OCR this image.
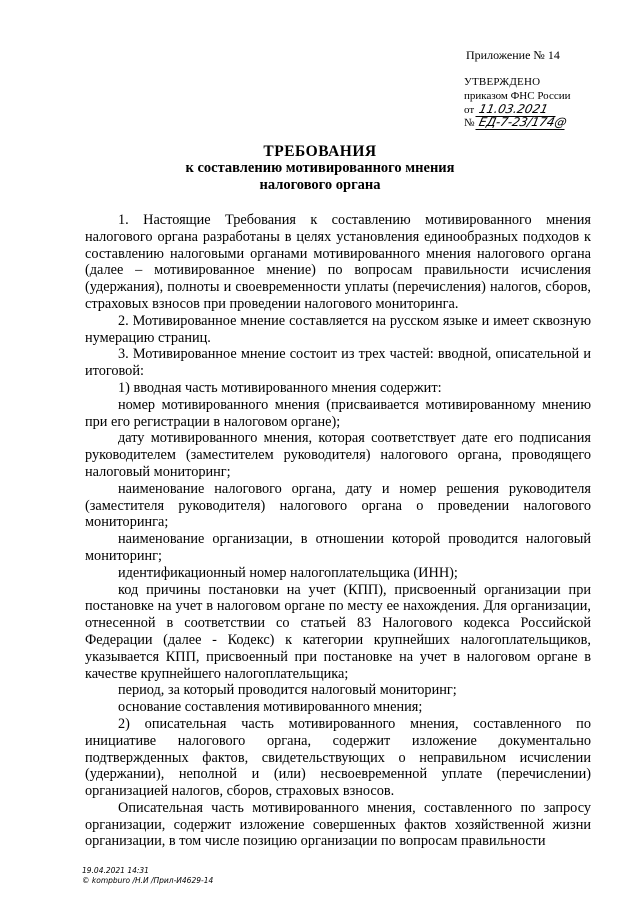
Приложение № 14
УТВЕРЖДЕНО
приказом ФНС России
от 11.03.2021
№ ЕД-7-23/174@
ТРЕБОВАНИЯ
к составлению мотивированного мнения
налогового органа

1. Настоящие Требования к составлению мотивированного мнения налогового органа разработаны в целях установления единообразных подходов к составлению налоговыми органами мотивированного мнения налогового органа (далее – мотивированное мнение) по вопросам правильности исчисления (удержания), полноты и своевременности уплаты (перечисления) налогов, сборов, страховых взносов при проведении налогового мониторинга.

2. Мотивированное мнение составляется на русском языке и имеет сквозную нумерацию страниц.

3. Мотивированное мнение состоит из трех частей: вводной, описательной и итоговой:

1) вводная часть мотивированного мнения содержит:

номер мотивированного мнения (присваивается мотивированному мнению при его регистрации в налоговом органе);

дату мотивированного мнения, которая соответствует дате его подписания руководителем (заместителем руководителя) налогового органа, проводящего налоговый мониторинг;

наименование налогового органа, дату и номер решения руководителя (заместителя руководителя) налогового органа о проведении налогового мониторинга;

наименование организации, в отношении которой проводится налоговый мониторинг;

идентификационный номер налогоплательщика (ИНН);

код причины постановки на учет (КПП), присвоенный организации при постановке на учет в налоговом органе по месту ее нахождения. Для организации, отнесенной в соответствии со статьей 83 Налогового кодекса Российской Федерации (далее - Кодекс) к категории крупнейших налогоплательщиков, указывается КПП, присвоенный при постановке на учет в налоговом органе в качестве крупнейшего налогоплательщика;

период, за который проводится налоговый мониторинг;

основание составления мотивированного мнения;

2) описательная часть мотивированного мнения, составленного по инициативе налогового органа, содержит изложение документально подтвержденных фактов, свидетельствующих о неправильном исчислении (удержании), неполной и (или) несвоевременной уплате (перечислении) организацией налогов, сборов, страховых взносов.

Описательная часть мотивированного мнения, составленного по запросу организации, содержит изложение совершенных фактов хозяйственной жизни организации, в том числе позицию организации по вопросам правильности

19.04.2021 14:31
© kompburo /Н.И /Прил-И4629-14
